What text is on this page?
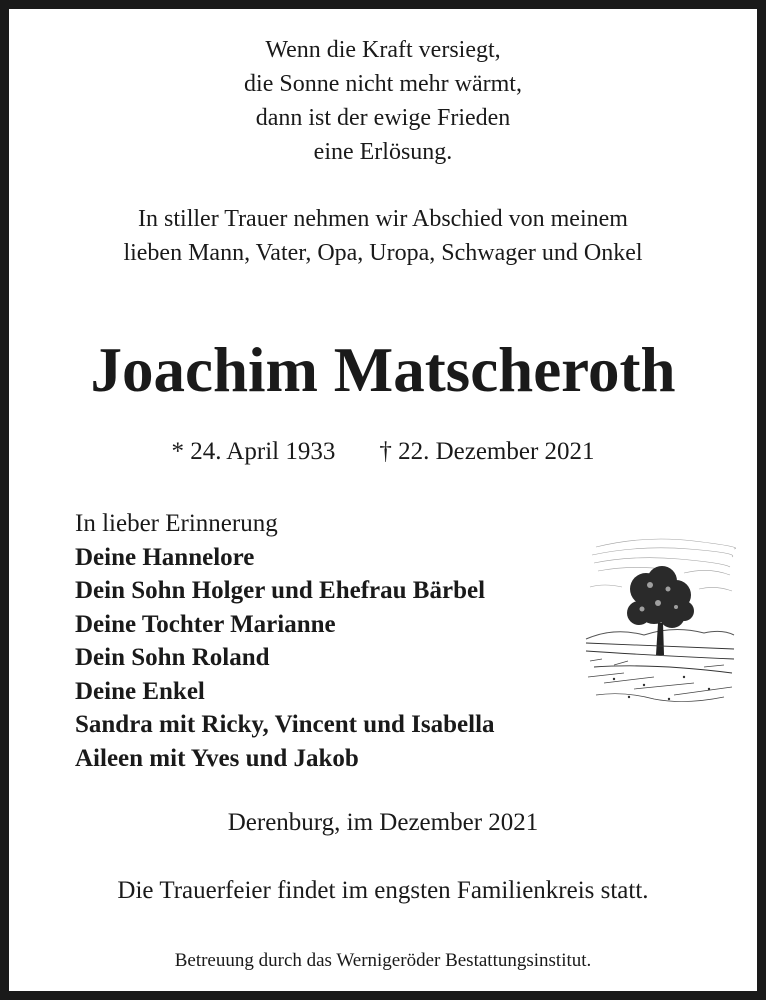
Wenn die Kraft versiegt,
die Sonne nicht mehr wärmt,
dann ist der ewige Frieden
eine Erlösung.
In stiller Trauer nehmen wir Abschied von meinem
lieben Mann, Vater, Opa, Uropa, Schwager und Onkel
Joachim Matscheroth
* 24. April 1933 † 22. Dezember 2021
In lieber Erinnerung
Deine Hannelore
Dein Sohn Holger und Ehefrau Bärbel
Deine Tochter Marianne
Dein Sohn Roland
Deine Enkel
Sandra mit Ricky, Vincent und Isabella
Aileen mit Yves und Jakob
Derenburg, im Dezember 2021
Die Trauerfeier findet im engsten Familienkreis statt.
Betreuung durch das Wernigeröder Bestattungsinstitut.
